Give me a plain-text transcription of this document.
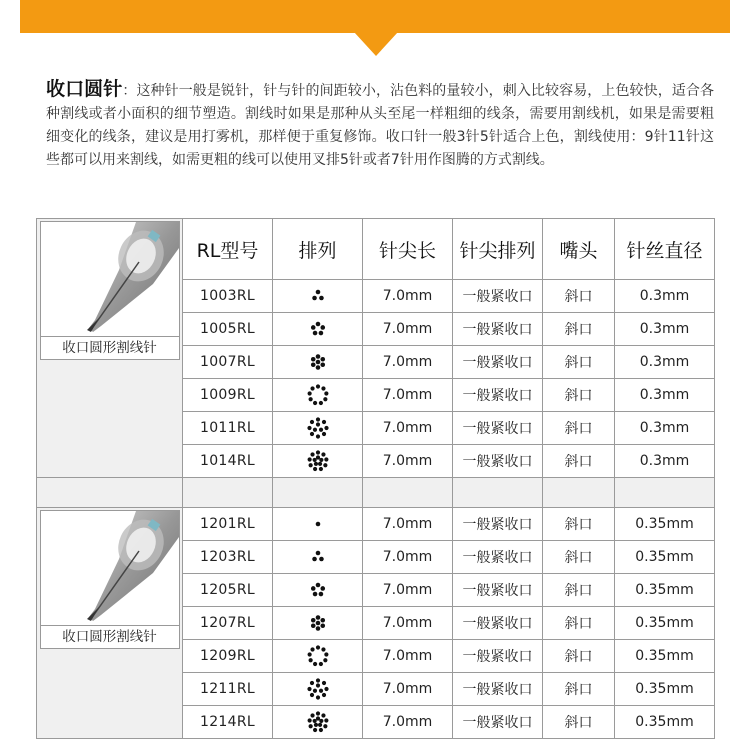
收口圆针：这种针一般是锐针，针与针的间距较小，沾色料的量较小，刺入比较容易，上色较快，适合各种割线或者小面积的细节塑造。割线时如果是那种从头至尾一样粗细的线条，需要用割线机，如果是需要粗细变化的线条，建议是用打雾机，那样便于重复修饰。收口针一般3针5针适合上色，割线使用：9针11针这些都可以用来割线，如需更粗的线可以使用叉排5针或者7针用作图腾的方式割线。

收口圆形割线针	RL型号	排列	针尖长	针尖排列	嘴头	针丝直径
	1003RL		7.0mm	一般紧收口	斜口	0.3mm
	1005RL		7.0mm	一般紧收口	斜口	0.3mm
	1007RL		7.0mm	一般紧收口	斜口	0.3mm
	1009RL		7.0mm	一般紧收口	斜口	0.3mm
	1011RL		7.0mm	一般紧收口	斜口	0.3mm
	1014RL		7.0mm	一般紧收口	斜口	0.3mm

收口圆形割线针	1201RL		7.0mm	一般紧收口	斜口	0.35mm
	1203RL		7.0mm	一般紧收口	斜口	0.35mm
	1205RL		7.0mm	一般紧收口	斜口	0.35mm
	1207RL		7.0mm	一般紧收口	斜口	0.35mm
	1209RL		7.0mm	一般紧收口	斜口	0.35mm
	1211RL		7.0mm	一般紧收口	斜口	0.35mm
	1214RL		7.0mm	一般紧收口	斜口	0.35mm
